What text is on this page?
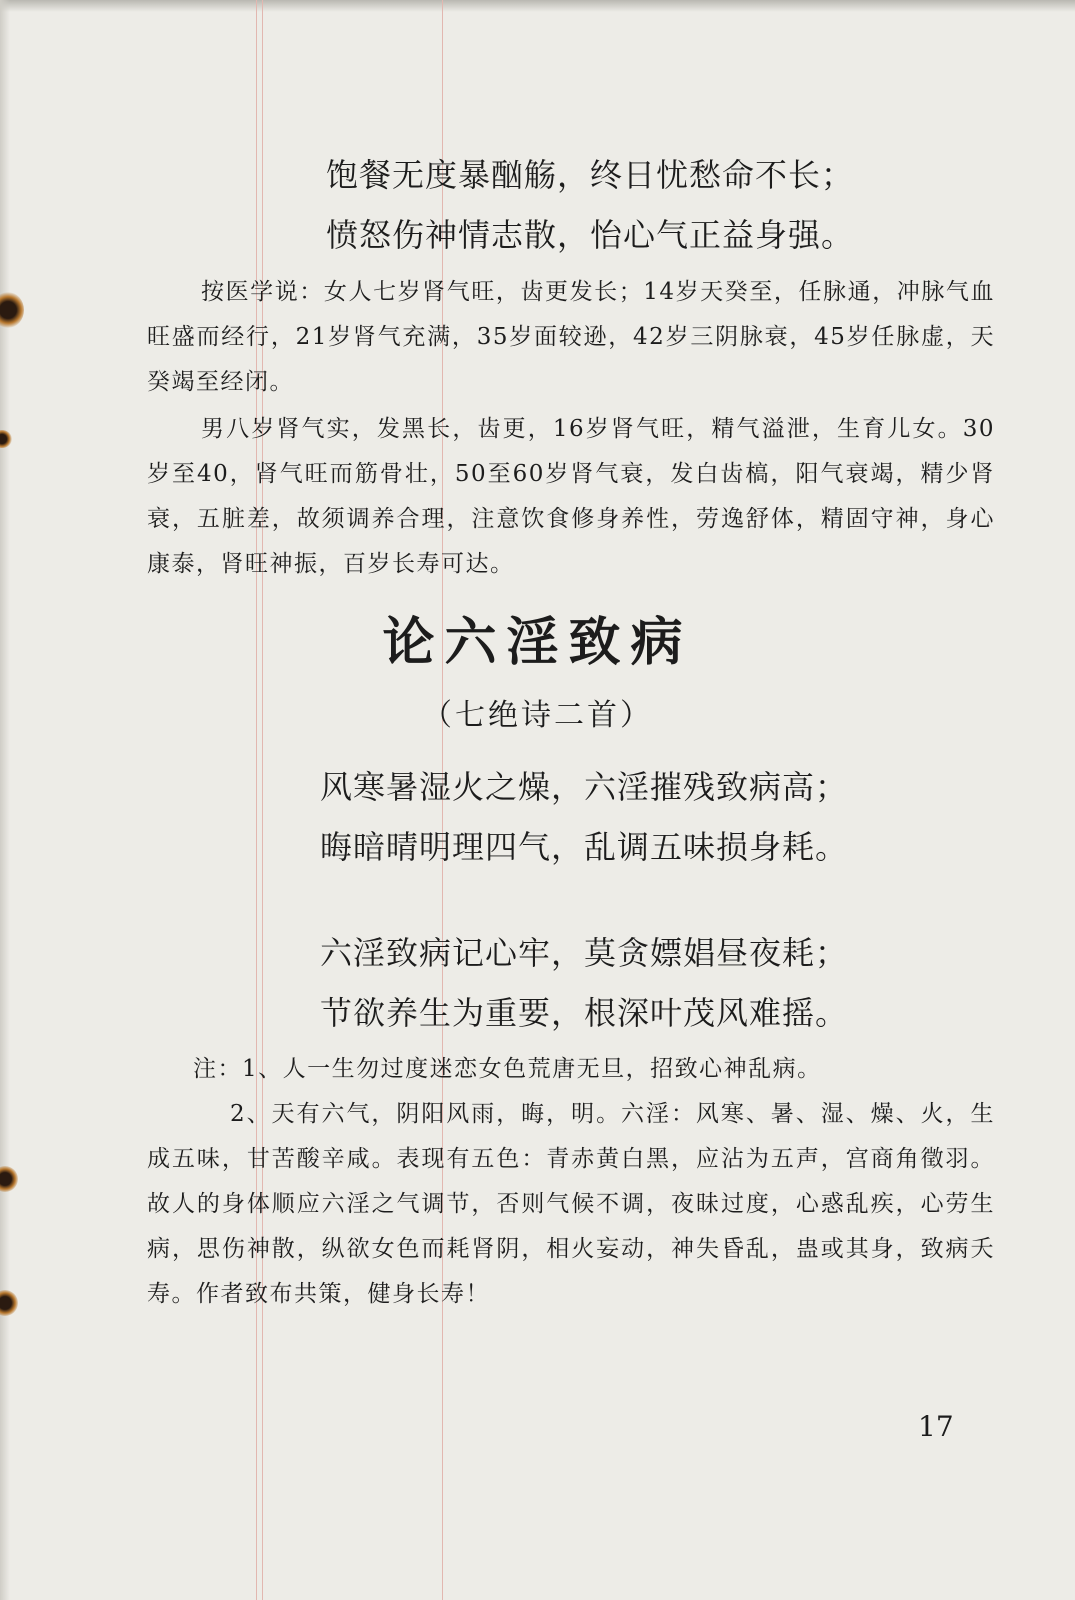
饱餐无度暴酗觞，终日忧愁命不长；
愤怒伤神情志散，怡心气正益身强。
按医学说：女人七岁肾气旺，齿更发长；14岁天癸至，任脉通，冲脉气血旺盛而经行，21岁肾气充满，35岁面较逊，42岁三阴脉衰，45岁任脉虚，天癸竭至经闭。
男八岁肾气实，发黑长，齿更，16岁肾气旺，精气溢泄，生育儿女。30岁至40，肾气旺而筋骨壮，50至60岁肾气衰，发白齿槁，阳气衰竭，精少肾衰，五脏差，故须调养合理，注意饮食修身养性，劳逸舒体，精固守神，身心康泰，肾旺神振，百岁长寿可达。
论六淫致病
（七绝诗二首）
风寒暑湿火之燥，六淫摧残致病高；
晦暗晴明理四气，乱调五味损身耗。
六淫致病记心牢，莫贪嫖娼昼夜耗；
节欲养生为重要，根深叶茂风难摇。
注：1、人一生勿过度迷恋女色荒唐无旦，招致心神乱病。
2、天有六气，阴阳风雨，晦，明。六淫：风寒、暑、湿、燥、火，生成五味，甘苦酸辛咸。表现有五色：青赤黄白黑，应沾为五声，宫商角徵羽。故人的身体顺应六淫之气调节，否则气候不调，夜昧过度，心惑乱疾，心劳生病，思伤神散，纵欲女色而耗肾阴，相火妄动，神失昏乱，蛊或其身，致病夭寿。作者致布共策，健身长寿！
17
